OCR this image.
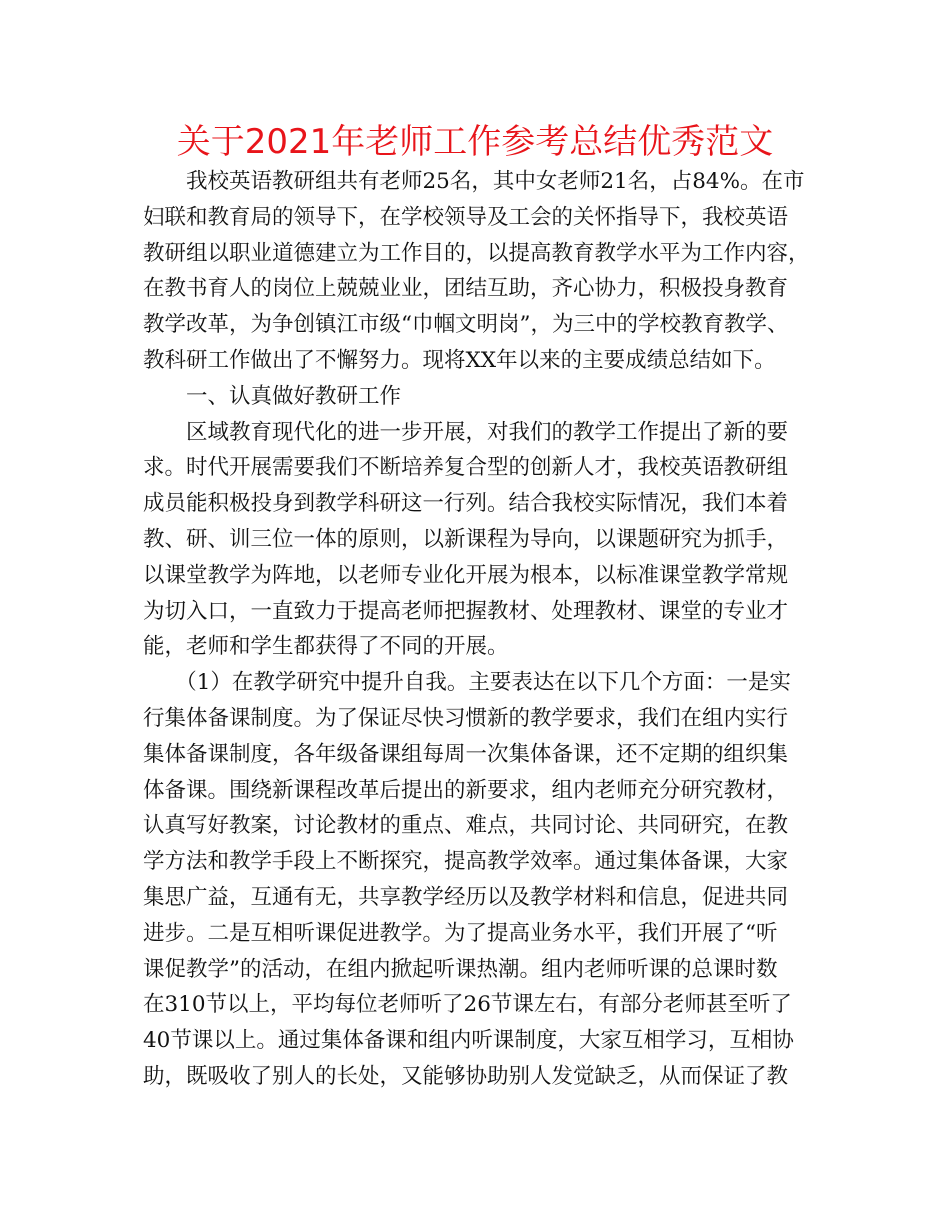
关于2021年老师工作参考总结优秀范文
　　我校英语教研组共有老师25名，其中女老师21名，占84%。在市
妇联和教育局的领导下，在学校领导及工会的关怀指导下，我校英语
教研组以职业道德建立为工作目的，以提高教育教学水平为工作内容，
在教书育人的岗位上兢兢业业，团结互助，齐心协力，积极投身教育
教学改革，为争创镇江市级“巾帼文明岗”，为三中的学校教育教学、
教科研工作做出了不懈努力。现将XX年以来的主要成绩总结如下。
　　一、认真做好教研工作
　　区域教育现代化的进一步开展，对我们的教学工作提出了新的要
求。时代开展需要我们不断培养复合型的创新人才，我校英语教研组
成员能积极投身到教学科研这一行列。结合我校实际情况，我们本着
教、研、训三位一体的原则，以新课程为导向，以课题研究为抓手，
以课堂教学为阵地，以老师专业化开展为根本，以标准课堂教学常规
为切入口，一直致力于提高老师把握教材、处理教材、课堂的专业才
能，老师和学生都获得了不同的开展。
　　（1）在教学研究中提升自我。主要表达在以下几个方面：一是实
行集体备课制度。为了保证尽快习惯新的教学要求，我们在组内实行
集体备课制度，各年级备课组每周一次集体备课，还不定期的组织集
体备课。围绕新课程改革后提出的新要求，组内老师充分研究教材，
认真写好教案，讨论教材的重点、难点，共同讨论、共同研究，在教
学方法和教学手段上不断探究，提高教学效率。通过集体备课，大家
集思广益，互通有无，共享教学经历以及教学材料和信息，促进共同
进步。二是互相听课促进教学。为了提高业务水平，我们开展了“听
课促教学”的活动，在组内掀起听课热潮。组内老师听课的总课时数
在310节以上，平均每位老师听了26节课左右，有部分老师甚至听了
40节课以上。通过集体备课和组内听课制度，大家互相学习，互相协
助，既吸收了别人的长处，又能够协助别人发觉缺乏，从而保证了教
